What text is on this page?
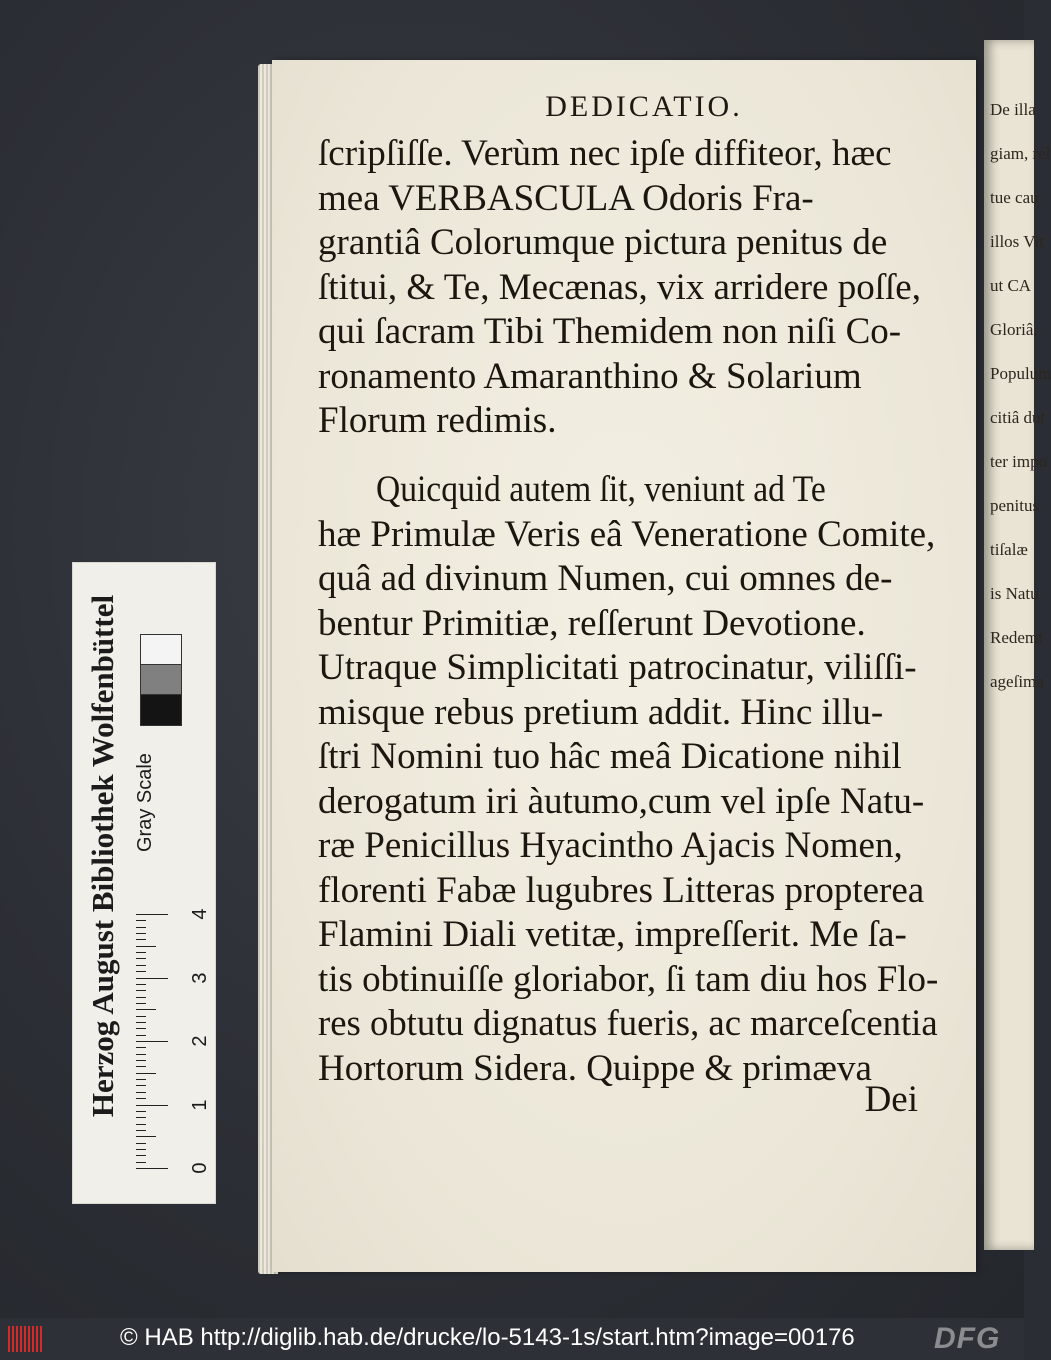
De illa
giam, rel
tue cau
illos Vit
ut CA
Gloriâ,
Populum
citiâ dut
ter impo
penitus
tiſalæ
is Natu
Redemt
ageſima
DEDICATIO.
ſcripſiſſe. Verùm nec ipſe diffiteor, hæc
mea VERBASCULA Odoris Fra-
grantiâ Colorumque pictura penitus de
ſtitui, & Te, Mecænas, vix arridere poſſe,
qui ſacram Tibi Themidem non niſi Co-
ronamento Amaranthino & Solarium
Florum redimis.
Quicquid autem ſit, veniunt ad Te
hæ Primulæ Veris eâ Veneratione Comite,
quâ ad divinum Numen, cui omnes de-
bentur Primitiæ, reſſerunt Devotione.
Utraque Simplicitati patrocinatur, viliſſi-
misque rebus pretium addit. Hinc illu-
ſtri Nomini tuo hâc meâ Dicatione nihil
derogatum iri àutumo,cum vel ipſe Natu-
ræ Penicillus Hyacintho Ajacis Nomen,
florenti Fabæ lugubres Litteras propterea
Flamini Diali vetitæ, impreſſerit. Me ſa-
tis obtinuiſſe gloriabor, ſi tam diu hos Flo-
res obtutu dignatus fueris, ac marceſcentia
Hortorum Sidera. Quippe & primæva
Dei
Herzog August Bibliothek Wolfenbüttel Gray Scale
0
1
2
3
4
© HAB http://diglib.hab.de/drucke/lo-5143-1s/start.htm?image=00176	DFG
